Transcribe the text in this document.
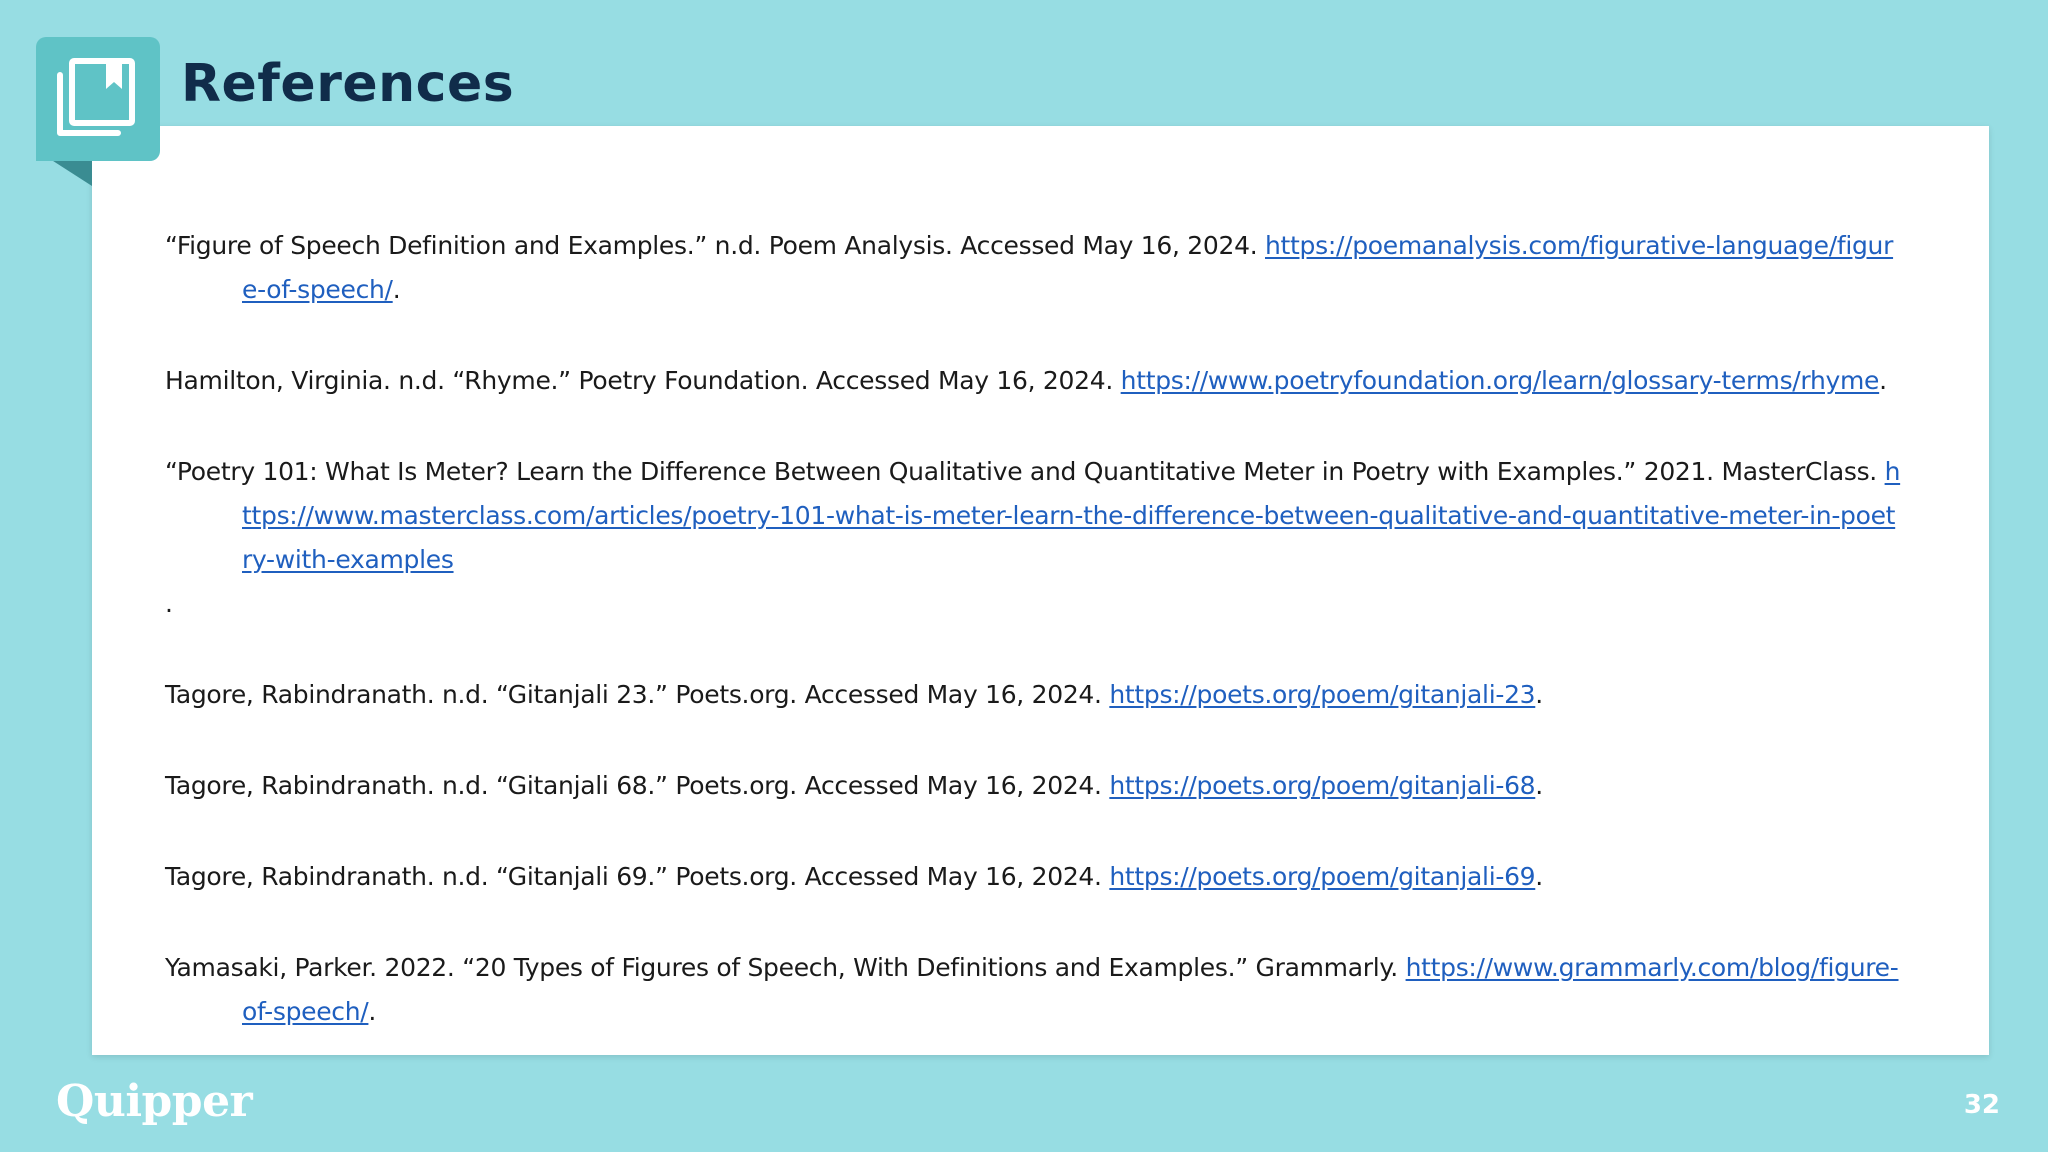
References
“Figure of Speech Definition and Examples.” n.d. Poem Analysis. Accessed May 16, 2024. https://poemanalysis.com/figurative-language/figure-of-speech/.
Hamilton, Virginia. n.d. “Rhyme.” Poetry Foundation. Accessed May 16, 2024. https://www.poetryfoundation.org/learn/glossary-terms/rhyme.
“Poetry 101: What Is Meter? Learn the Difference Between Qualitative and Quantitative Meter in Poetry with Examples.” 2021. MasterClass. https://www.masterclass.com/articles/poetry-101-what-is-meter-learn-the-difference-between-qualitative-and-quantitative-meter-in-poetry-with-examples
.
Tagore, Rabindranath. n.d. “Gitanjali 23.” Poets.org. Accessed May 16, 2024. https://poets.org/poem/gitanjali-23.
Tagore, Rabindranath. n.d. “Gitanjali 68.” Poets.org. Accessed May 16, 2024. https://poets.org/poem/gitanjali-68.
Tagore, Rabindranath. n.d. “Gitanjali 69.” Poets.org. Accessed May 16, 2024. https://poets.org/poem/gitanjali-69.
Yamasaki, Parker. 2022. “20 Types of Figures of Speech, With Definitions and Examples.” Grammarly. https://www.grammarly.com/blog/figure-of-speech/.
Quipper	32
